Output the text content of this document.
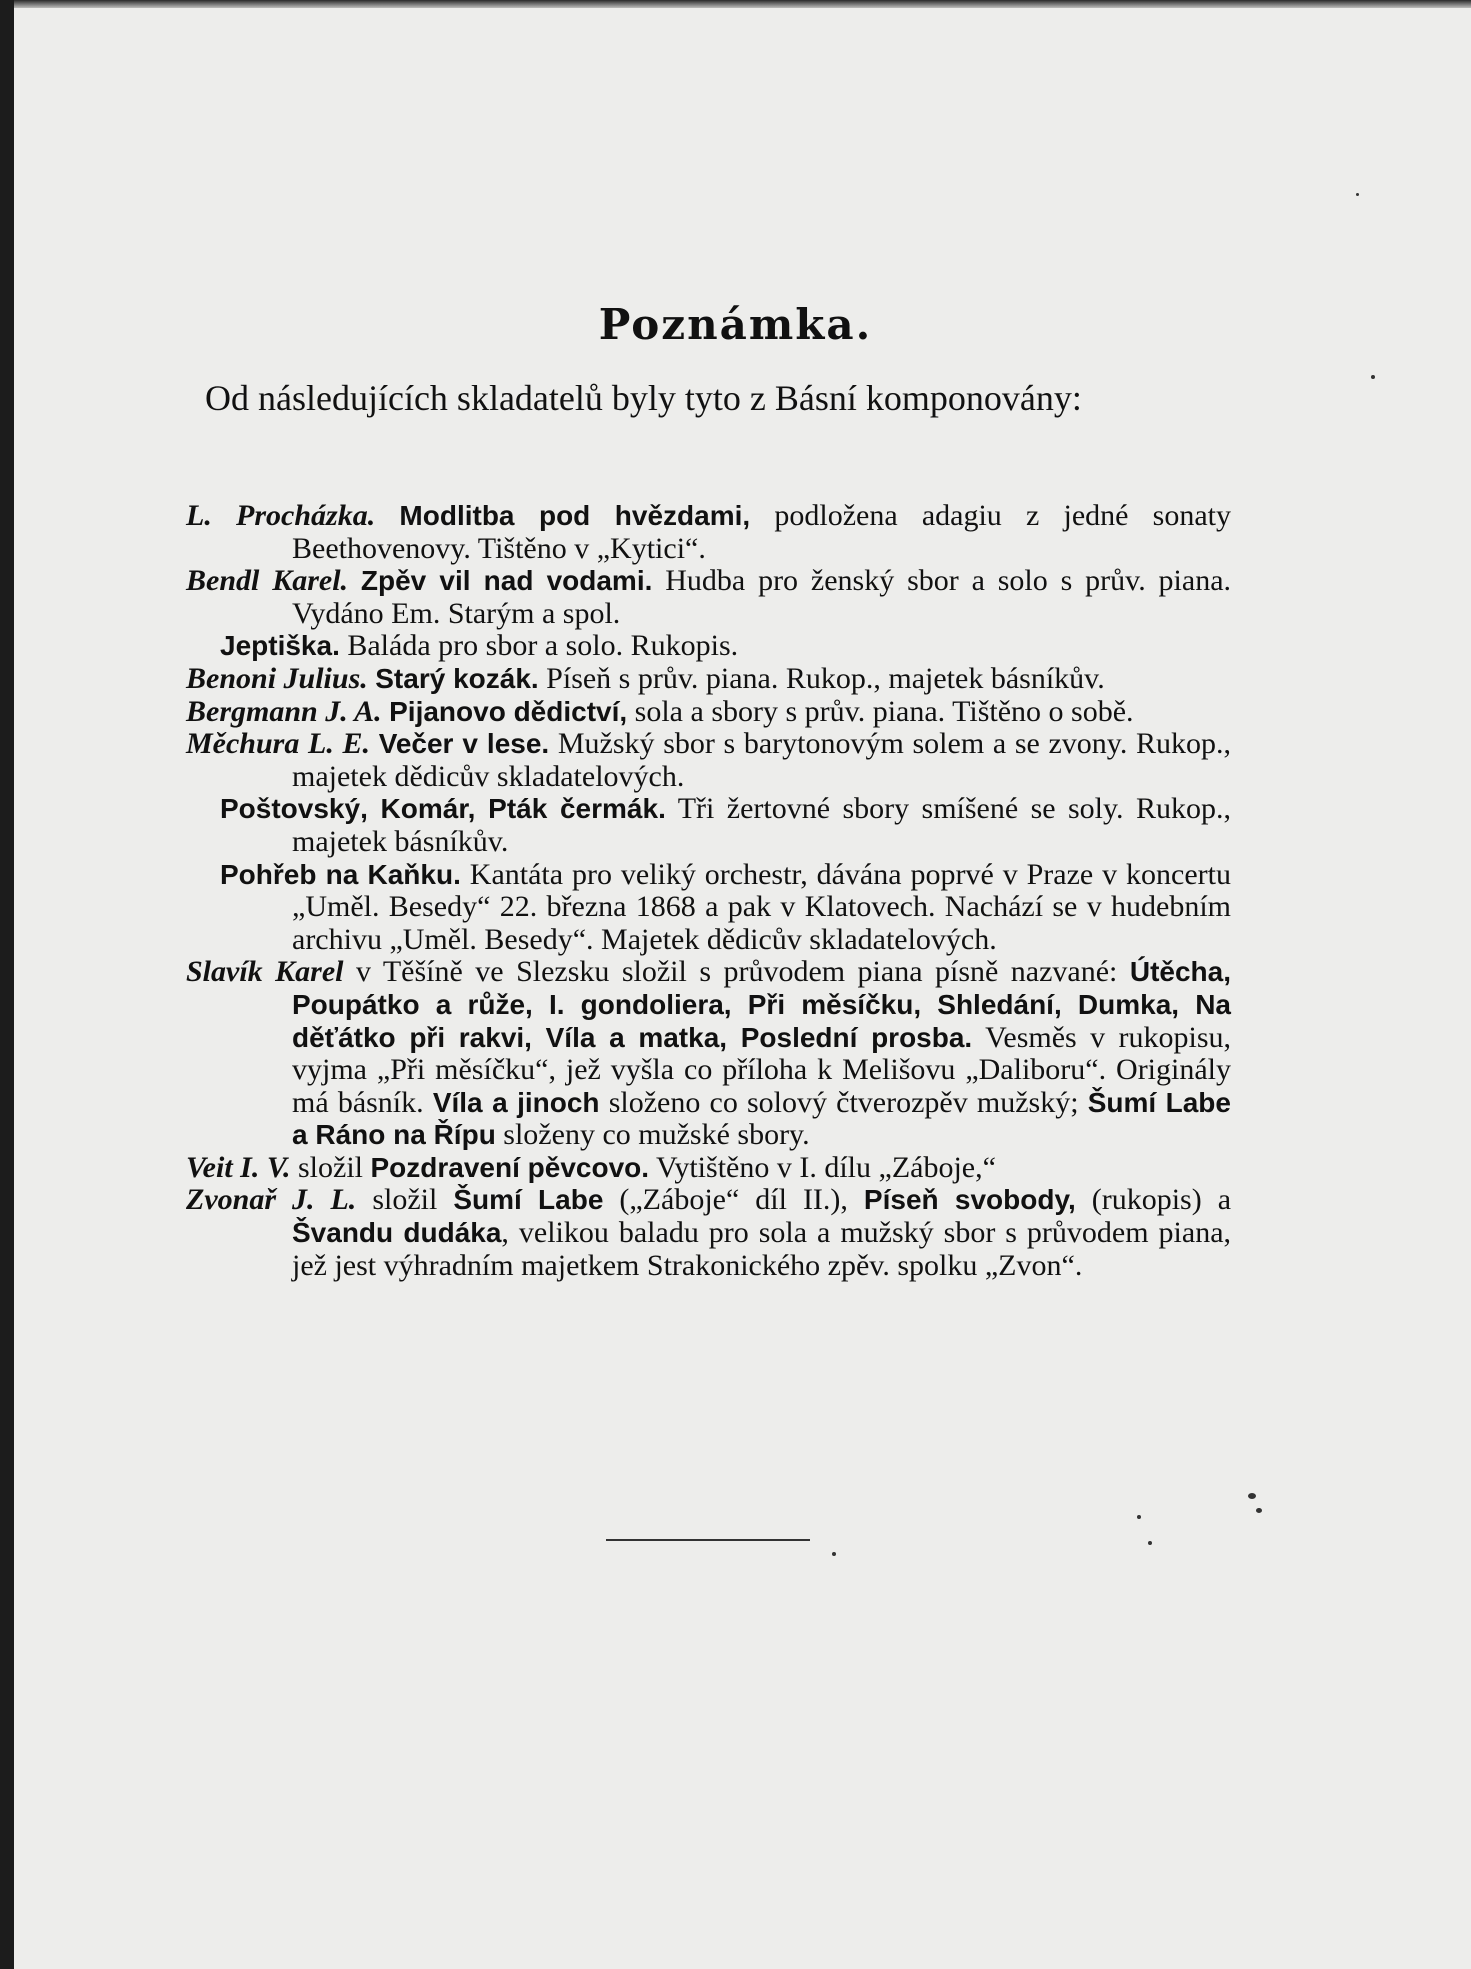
Poznámka.
Od následujících skladatelů byly tyto z Básní komponovány:

L. Procházka. Modlitba pod hvězdami, podložena adagiu z jedné sonaty Beethovenovy. Tištěno v „Kytici“.

Bendl Karel. Zpěv vil nad vodami. Hudba pro ženský sbor a solo s prův. piana. Vydáno Em. Starým a spol.

Jeptiška. Baláda pro sbor a solo. Rukopis.

Benoni Julius. Starý kozák. Píseň s prův. piana. Rukop., majetek básníkův.

Bergmann J. A. Pijanovo dědictví, sola a sbory s prův. piana. Tištěno o sobě.

Měchura L. E. Večer v lese. Mužský sbor s barytonovým solem a se zvony. Rukop., majetek dědicův skladatelových.

Poštovský, Komár, Pták čermák. Tři žertovné sbory smíšené se soly. Rukop., majetek básníkův.

Pohřeb na Kaňku. Kantáta pro veliký orchestr, dávána poprvé v Praze v koncertu „Uměl. Besedy“ 22. března 1868 a pak v Klatovech. Nachází se v hudebním archivu „Uměl. Besedy“. Majetek dědicův skladatelových.

Slavík Karel v Těšíně ve Slezsku složil s průvodem piana písně nazvané: Útěcha, Poupátko a růže, I. gondoliera, Při měsíčku, Shledání, Dumka, Na děťátko při rakvi, Víla a matka, Poslední prosba. Vesměs v rukopisu, vyjma „Při měsíčku“, jež vyšla co příloha k Melišovu „Daliboru“. Originály má básník. Víla a jinoch složeno co solový čtverozpěv mužský; Šumí Labe a Ráno na Řípu složeny co mužské sbory.

Veit I. V. složil Pozdravení pěvcovo. Vytištěno v I. dílu „Záboje,“

Zvonař J. L. složil Šumí Labe („Záboje“ díl II.), Píseň svobody, (rukopis) a Švandu dudáka, velikou baladu pro sola a mužský sbor s průvodem piana, jež jest výhradním majetkem Strakonického zpěv. spolku „Zvon“.
